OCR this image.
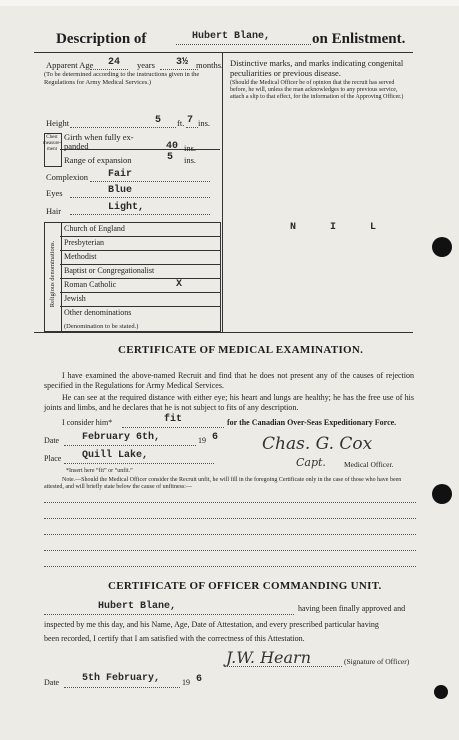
Description of	Hubert Blane,	on Enlistment.
Apparent Age 24 years 3½ months.
(To be determined according to the instructions given in the Regulations for Army Medical Services.)
Distinctive marks, and marks indicating congenital peculiarities or previous disease.
(Should the Medical Officer be of opinion that the recruit has served before, he will, unless the man acknowledges to any previous service, attach a slip to that effect, for the information of the Approving Officer.)
N I L
Height	5 ft. 7 ins.
Chest measure-ment
Girth when fully ex-panded	40 ins.
Range of expansion	5 ins.
Complexion Fair
Eyes	Blue
Hair	Light,
Religious denominations.
Church of England
Presbyterian
Methodist
Baptist or Congregationalist
Roman Catholic	X
Jewish
Other denominations
(Denomination to be stated.)
CERTIFICATE OF MEDICAL EXAMINATION.
I have examined the above-named Recruit and find that he does not present any of the causes of rejection specified in the Regulations for Army Medical Services.
He can see at the required distance with either eye; his heart and lungs are healthy; he has the free use of his joints and limbs, and he declares that he is not subject to fits of any description.
I consider him*	fit	for the Canadian Over-Seas Expeditionary Force.
Date February 6th,	19 6
Place Quill Lake,
Chas. G. Cox
Capt. Medical Officer.
*Insert here “fit” or “unfit.”
Note.—Should the Medical Officer consider the Recruit unfit, he will fill in the foregoing Certificate only in the case of those who have been attested, and will briefly state below the cause of unfitness:—
CERTIFICATE OF OFFICER COMMANDING UNIT.
Hubert Blane,	having been finally approved and
inspected by me this day, and his Name, Age, Date of Attestation, and every prescribed particular having
been recorded, I certify that I am satisfied with the correctness of this Attestation.
J.W. Hearn	(Signature of Officer)
Date 5th February,	19 6
